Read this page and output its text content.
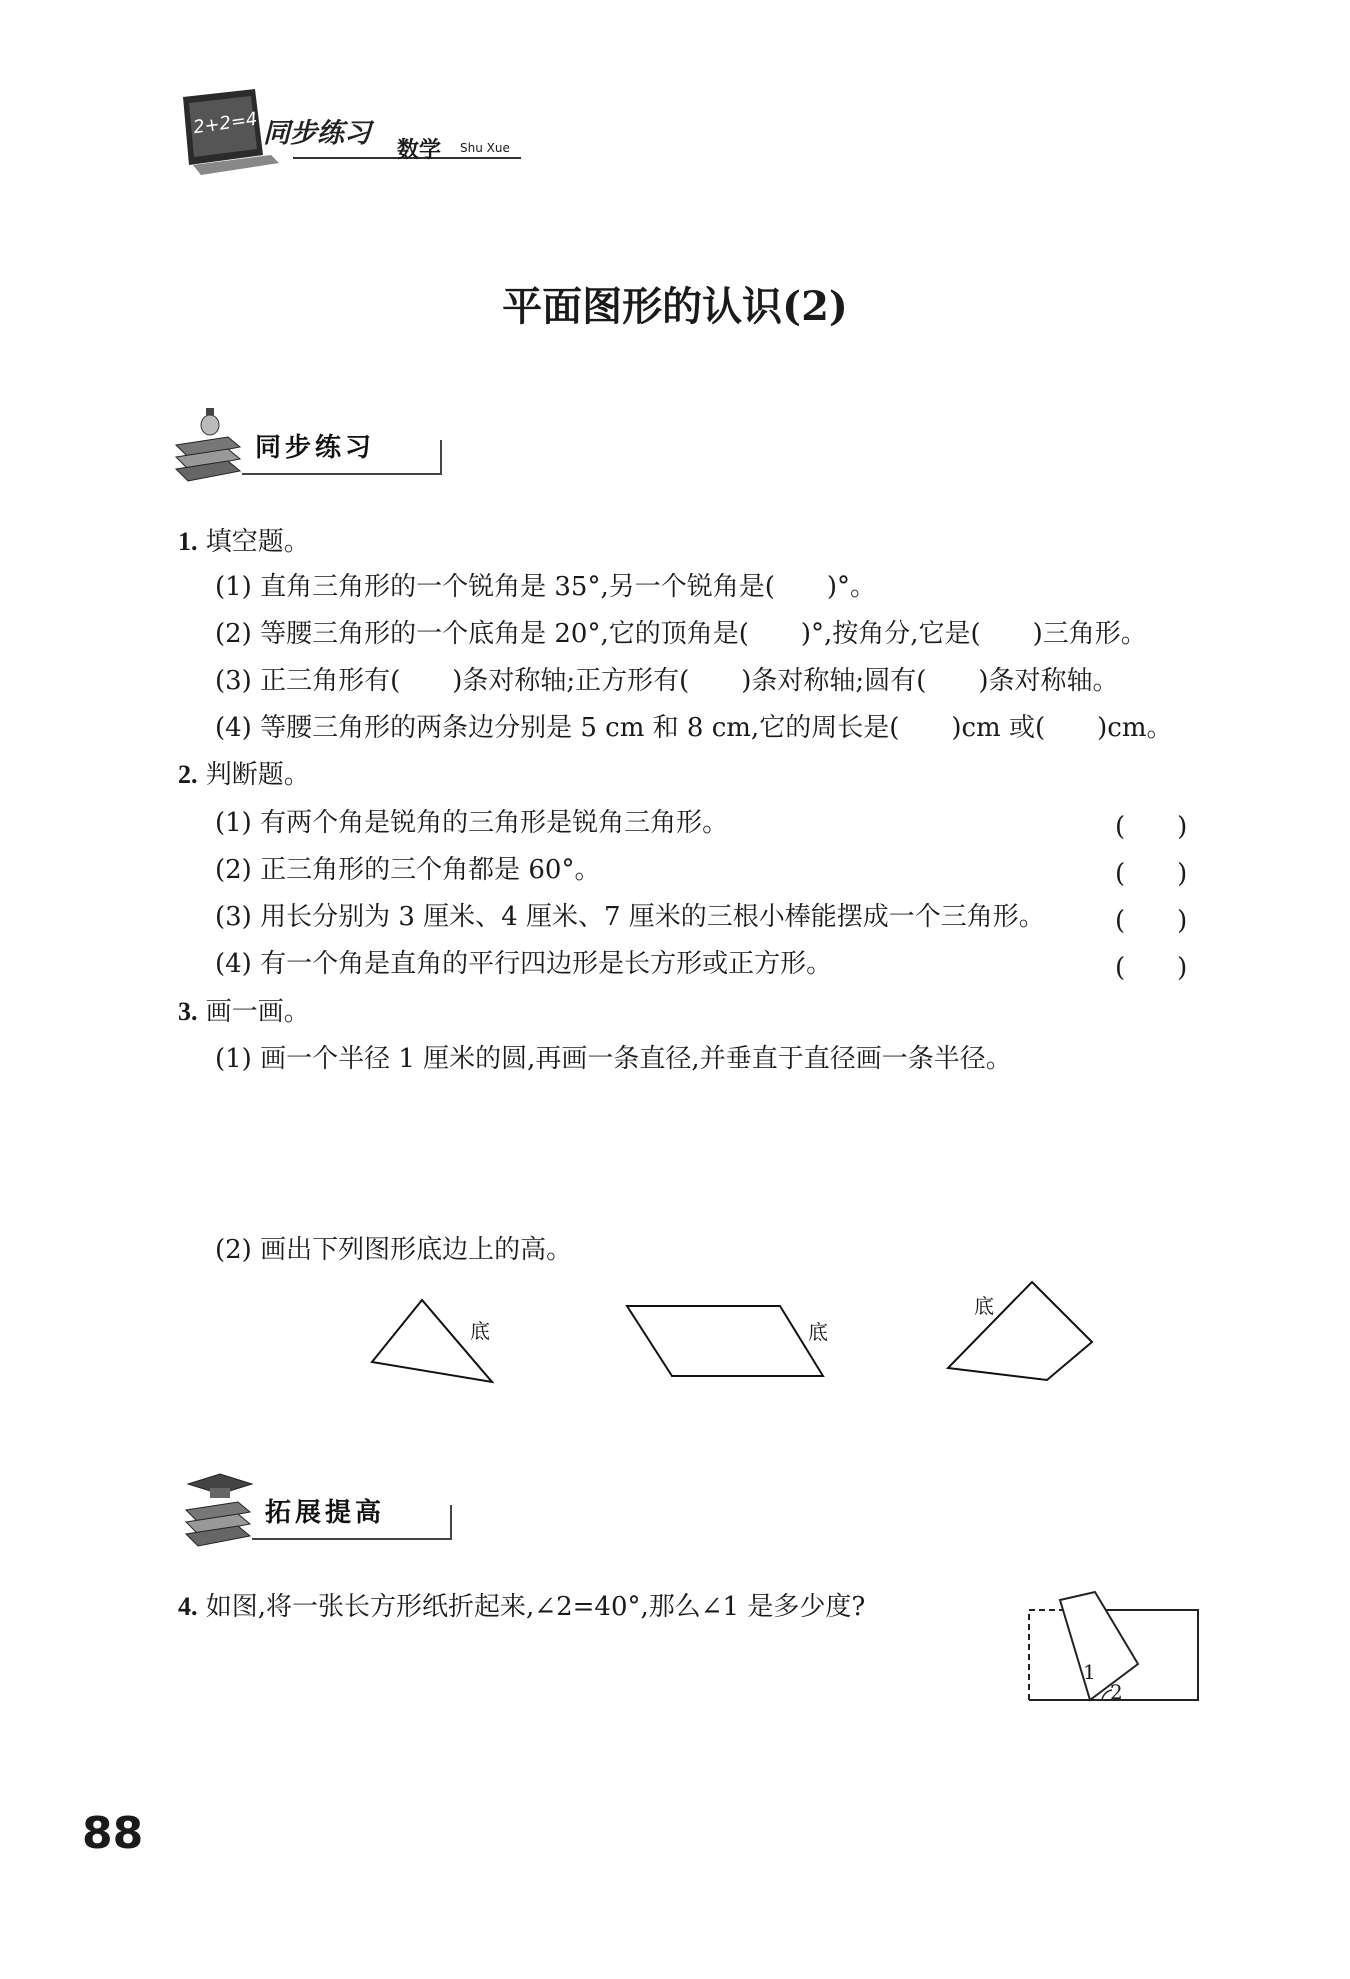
2+2=4 同步练习
数学 Shu Xue
平面图形的认识(2)
同步练习
1. 填空题。
(1) 直角三角形的一个锐角是 35°,另一个锐角是(　　)°。
(2) 等腰三角形的一个底角是 20°,它的顶角是(　　)°,按角分,它是(　　)三角形。
(3) 正三角形有(　　)条对称轴;正方形有(　　)条对称轴;圆有(　　)条对称轴。
(4) 等腰三角形的两条边分别是 5 cm 和 8 cm,它的周长是(　　)cm 或(　　)cm。
2. 判断题。
(1) 有两个角是锐角的三角形是锐角三角形。	(　　)
(2) 正三角形的三个角都是 60°。	(　　)
(3) 用长分别为 3 厘米、4 厘米、7 厘米的三根小棒能摆成一个三角形。	(　　)
(4) 有一个角是直角的平行四边形是长方形或正方形。	(　　)
3. 画一画。
(1) 画一个半径 1 厘米的圆,再画一条直径,并垂直于直径画一条半径。
(2) 画出下列图形底边上的高。
底	底
底
拓展提高
4. 如图,将一张长方形纸折起来,∠2=40°,那么∠1 是多少度?
1
2
88
